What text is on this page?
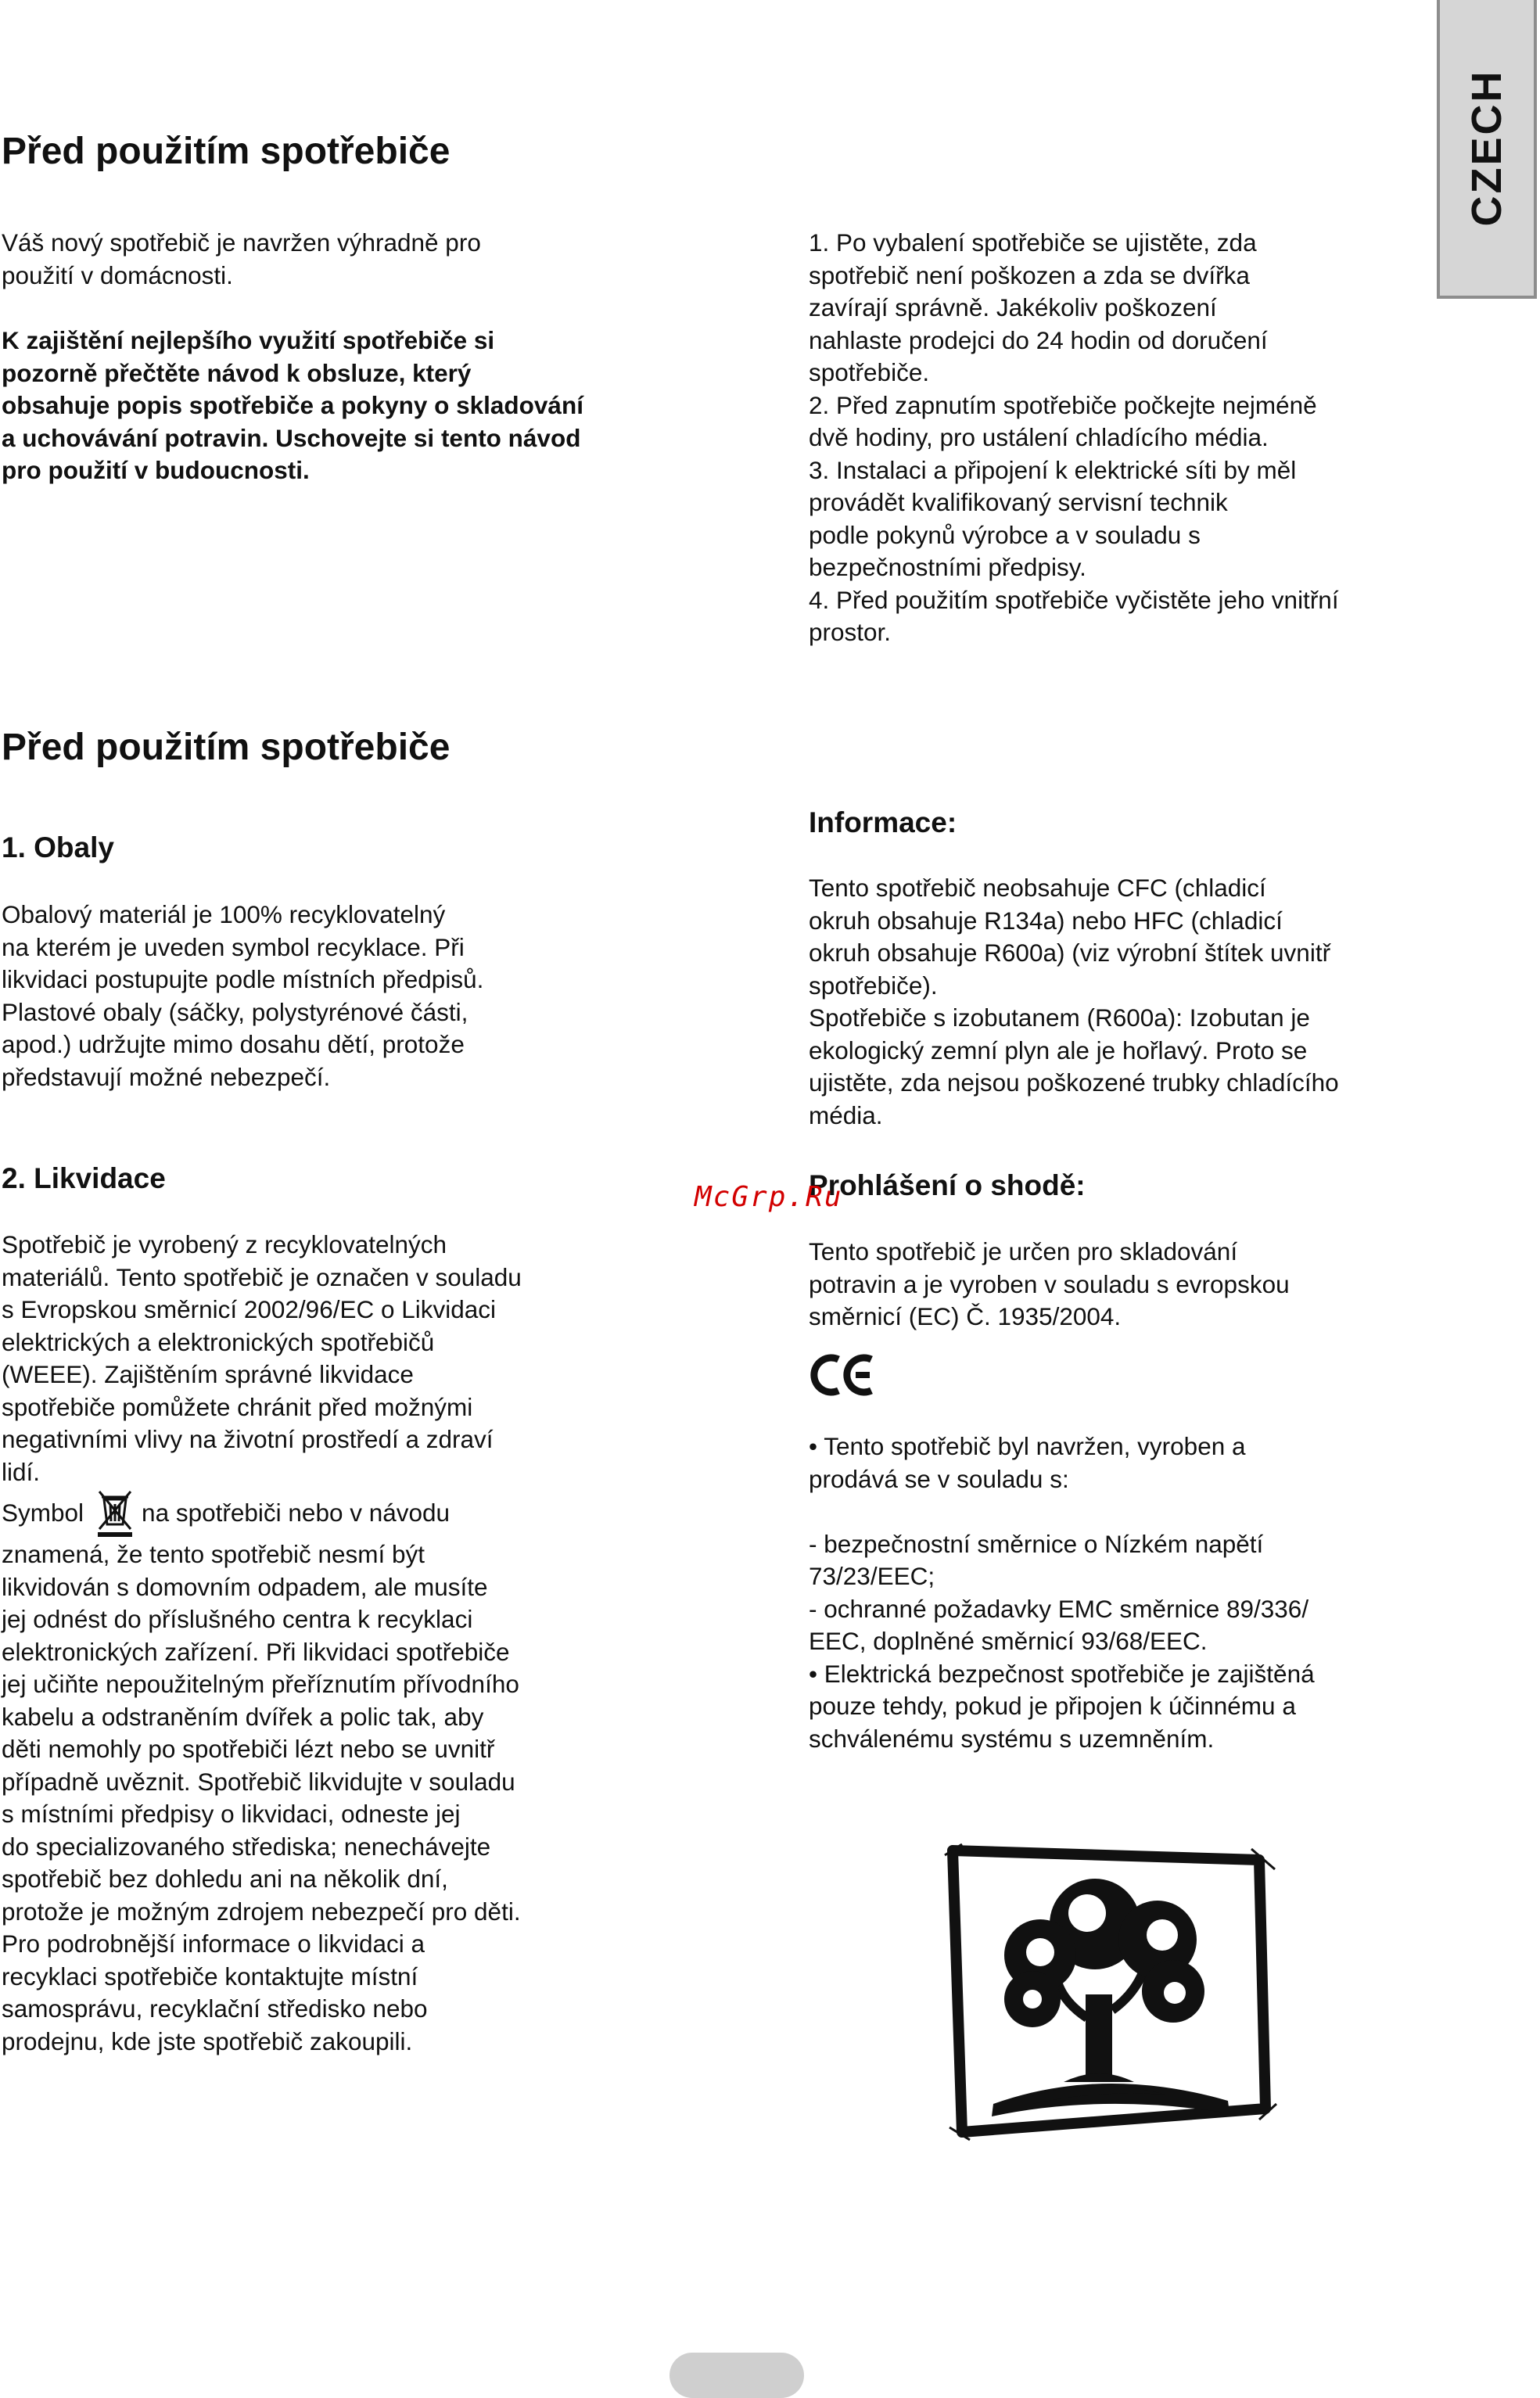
CZECH
Před použitím spotřebiče
Váš nový spotřebič je navržen výhradně pro
použití v domácnosti.
K zajištění nejlepšího využití spotřebiče si
pozorně přečtěte návod k obsluze, který
obsahuje popis spotřebiče a pokyny o skladování
a uchovávání potravin. Uschovejte si tento návod
pro použití v budoucnosti.
1. Po vybalení spotřebiče se ujistěte, zda
spotřebič není poškozen a zda se dvířka
zavírají správně. Jakékoliv poškození
nahlaste prodejci do 24 hodin od doručení
spotřebiče.
2. Před zapnutím spotřebiče počkejte nejméně
dvě hodiny, pro ustálení chladícího média.
3. Instalaci a připojení k elektrické síti by měl
provádět kvalifikovaný servisní technik
podle pokynů výrobce a v souladu s
bezpečnostními předpisy.
4. Před použitím spotřebiče vyčistěte jeho vnitřní
prostor.
Před použitím spotřebiče
1. Obaly
Obalový materiál je 100% recyklovatelný
na kterém je uveden symbol recyklace. Při
likvidaci postupujte podle místních předpisů.
Plastové obaly (sáčky, polystyrénové části,
apod.) udržujte mimo dosahu dětí, protože
představují možné nebezpečí.
2. Likvidace
Spotřebič je vyrobený z recyklovatelných
materiálů. Tento spotřebič je označen v souladu
s Evropskou směrnicí 2002/96/EC o Likvidaci
elektrických a elektronických spotřebičů
(WEEE). Zajištěním správné likvidace
spotřebiče pomůžete chránit před možnými
negativními vlivy na životní prostředí a zdraví
lidí.
Symbol na spotřebiči nebo v návodu
znamená, že tento spotřebič nesmí být
likvidován s domovním odpadem, ale musíte
jej odnést do příslušného centra k recyklaci
elektronických zařízení. Při likvidaci spotřebiče
jej učiňte nepoužitelným přeříznutím přívodního
kabelu a odstraněním dvířek a polic tak, aby
děti nemohly po spotřebiči lézt nebo se uvnitř
případně uvěznit. Spotřebič likvidujte v souladu
s místními předpisy o likvidaci, odneste jej
do specializovaného střediska; nenechávejte
spotřebič bez dohledu ani na několik dní,
protože je možným zdrojem nebezpečí pro děti.
Pro podrobnější informace o likvidaci a
recyklaci spotřebiče kontaktujte místní
samosprávu, recyklační středisko nebo
prodejnu, kde jste spotřebič zakoupili.
Informace:
Tento spotřebič neobsahuje CFC (chladicí
okruh obsahuje R134a) nebo HFC (chladicí
okruh obsahuje R600a) (viz výrobní štítek uvnitř
spotřebiče).
Spotřebiče s izobutanem (R600a): Izobutan je
ekologický zemní plyn ale je hořlavý. Proto se
ujistěte, zda nejsou poškozené trubky chladícího
média.
Prohlášení o shodě:
Tento spotřebič je určen pro skladování
potravin a je vyroben v souladu s evropskou
směrnicí (EC) Č. 1935/2004.
• Tento spotřebič byl navržen, vyroben a
prodává se v souladu s:

- bezpečnostní směrnice o Nízkém napětí
73/23/EEC;
- ochranné požadavky EMC směrnice 89/336/
EEC, doplněné směrnicí 93/68/EEC.
• Elektrická bezpečnost spotřebiče je zajištěná
pouze tehdy, pokud je připojen k účinnému a
schválenému systému s uzemněním.
McGrp.Ru
